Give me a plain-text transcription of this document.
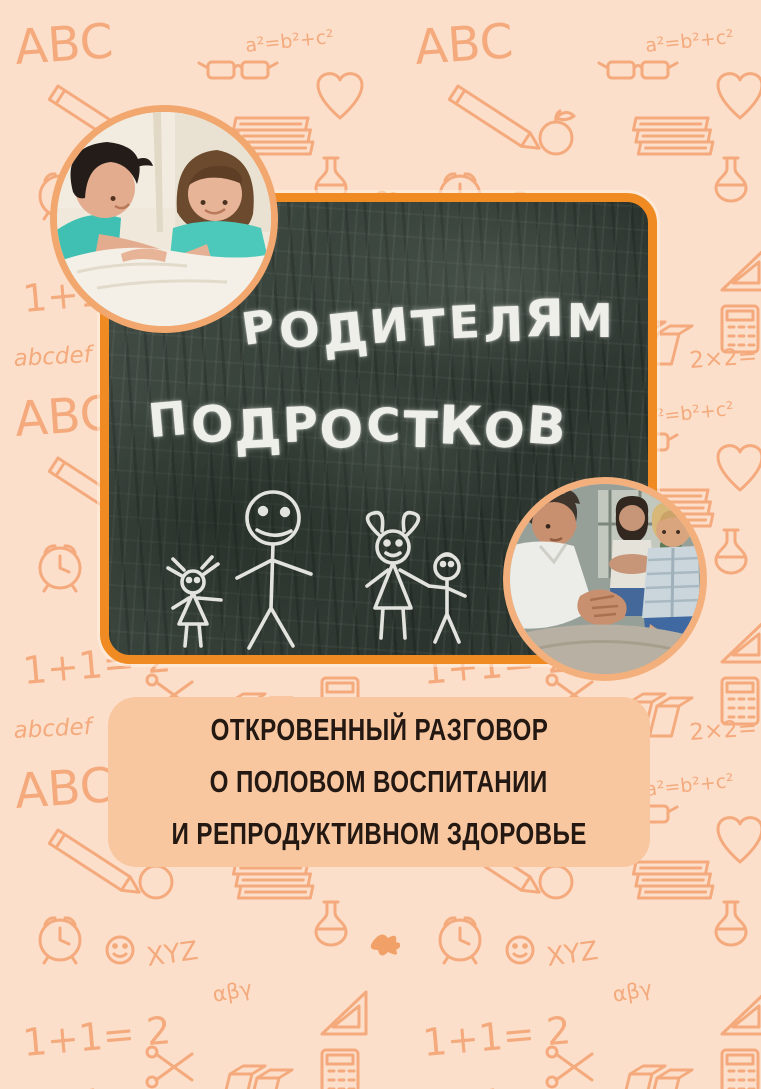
РОДИТЕЛЯМ
ПОДРОСТКОВ
ОТКРОВЕННЫЙ РАЗГОВОР
О ПОЛОВОМ ВОСПИТАНИИ
И РЕПРОДУКТИВНОМ ЗДОРОВЬЕ
